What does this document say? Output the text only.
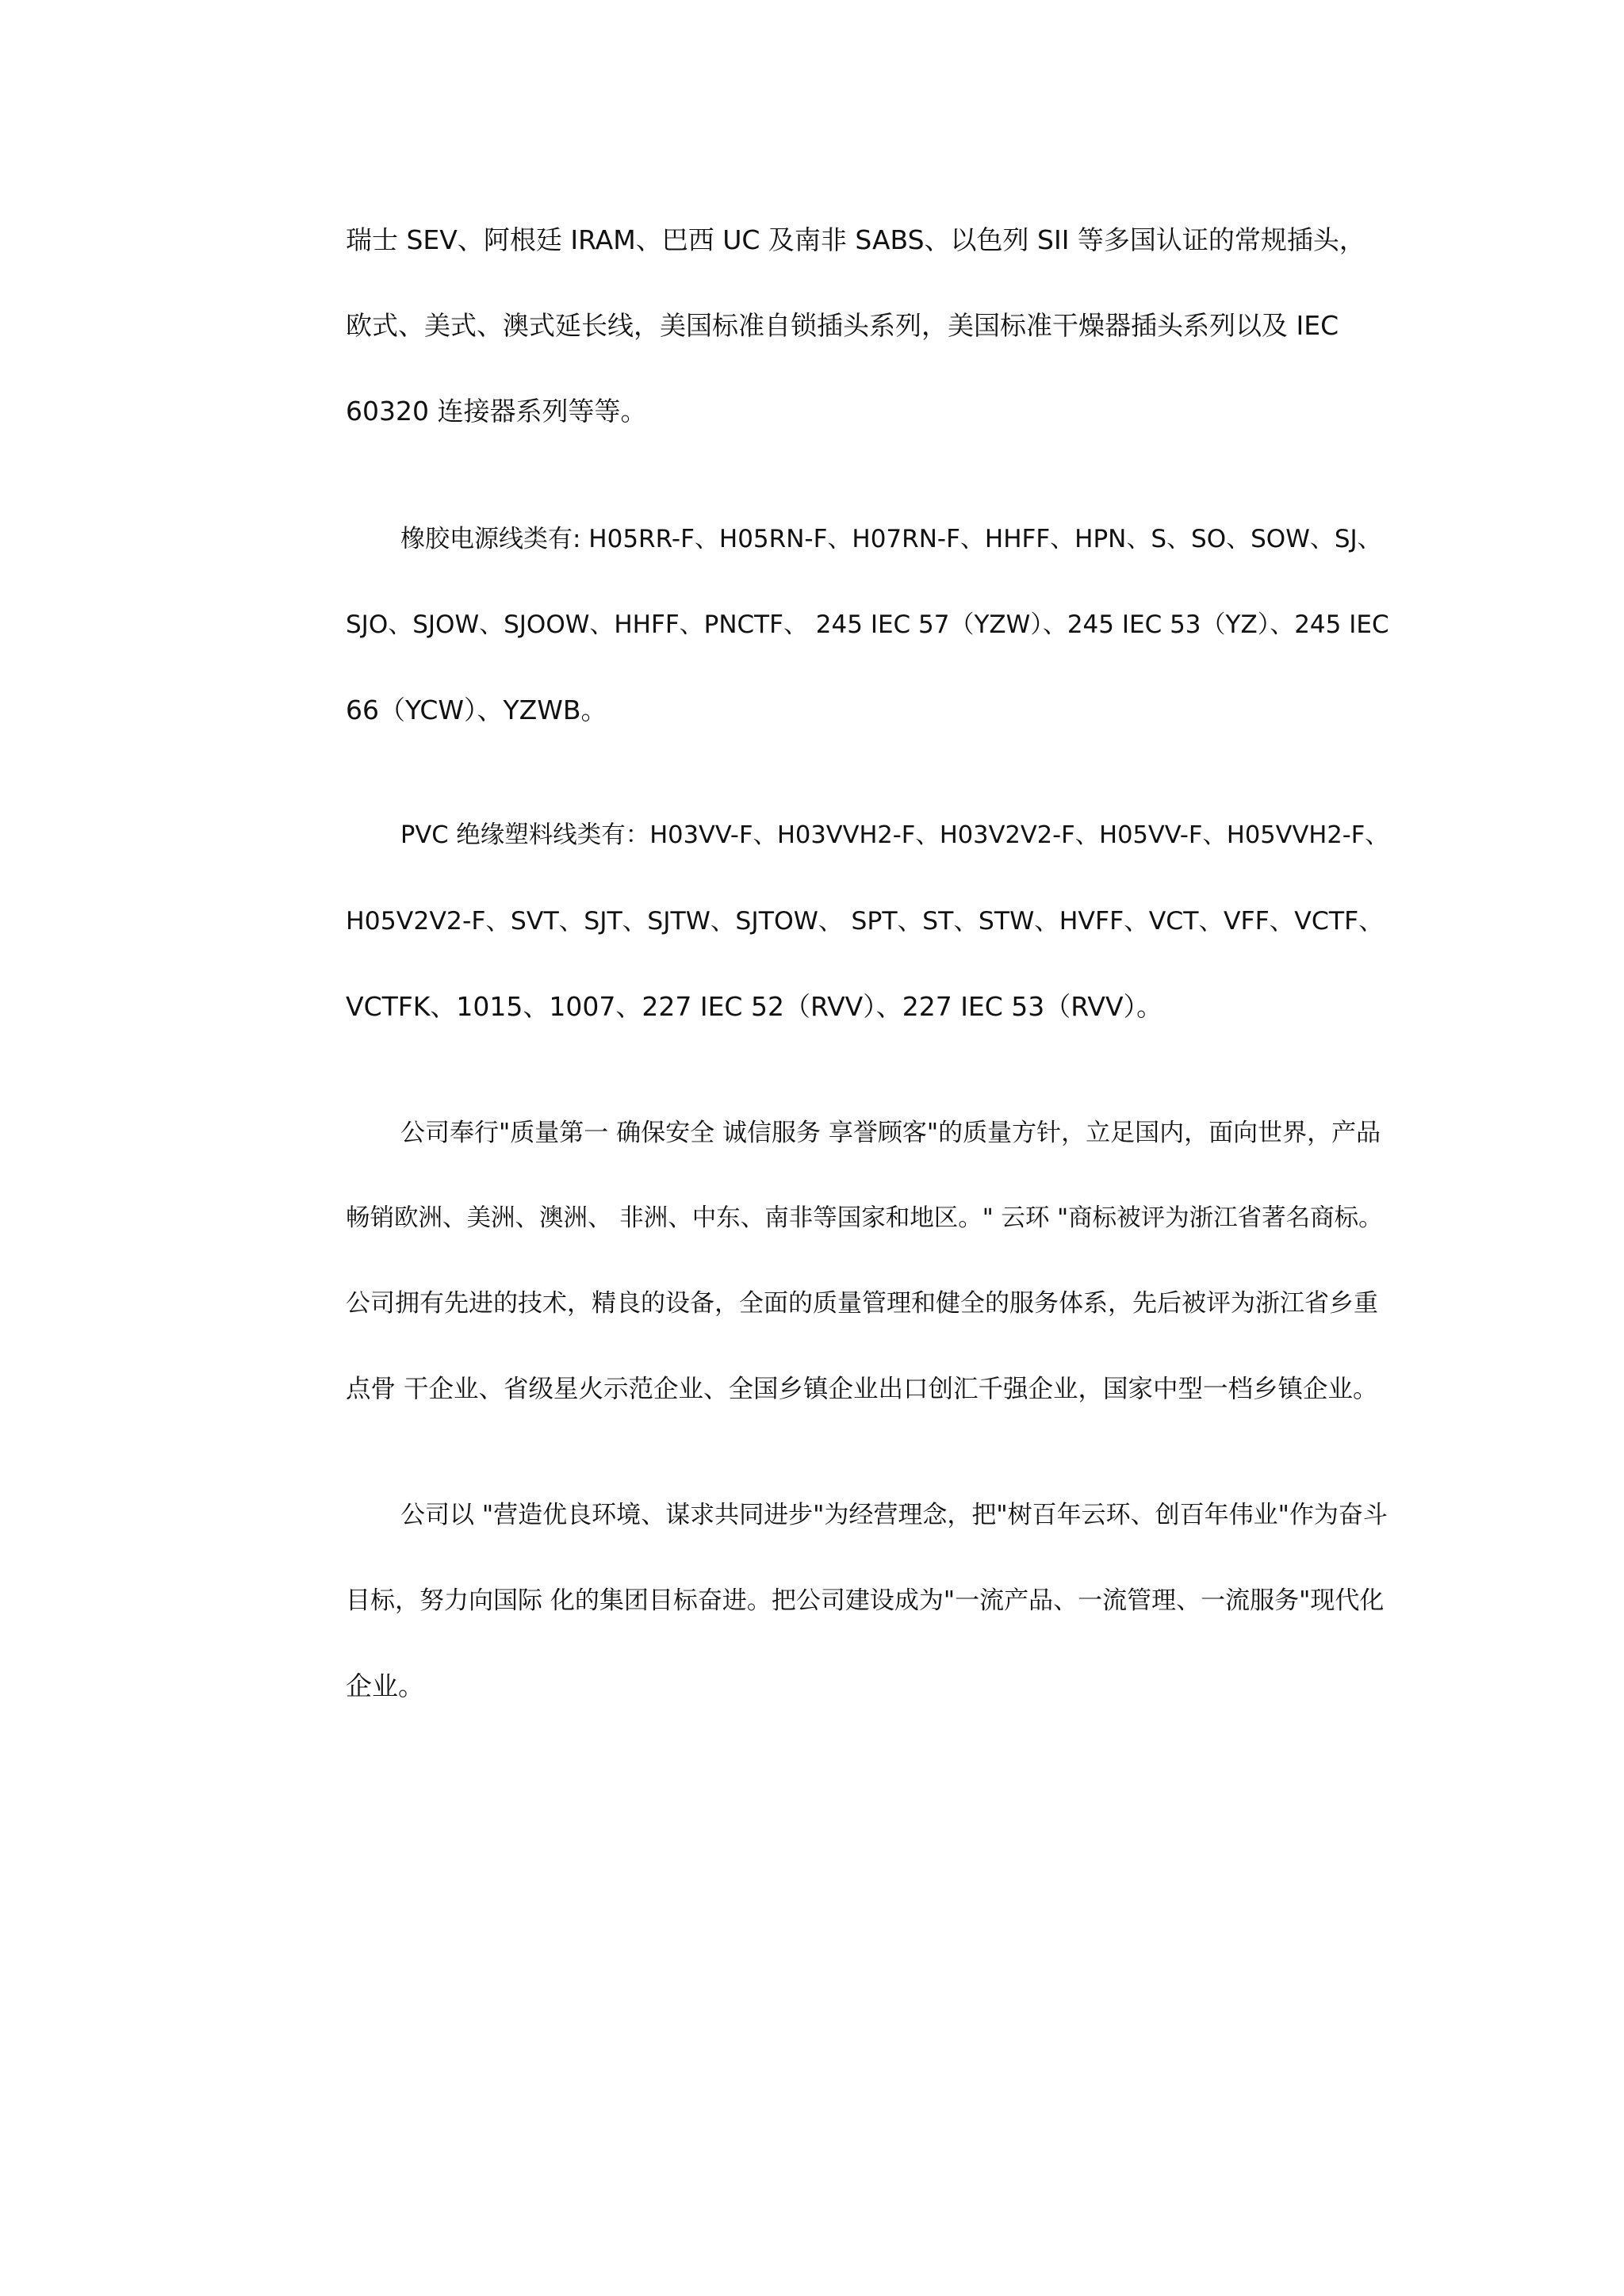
瑞士 SEV、阿根廷 IRAM、巴西 UC 及南非 SABS、以色列 SII 等多国认证的常规插头，
欧式、美式、澳式延长线，美国标准自锁插头系列，美国标准干燥器插头系列以及 IEC
60320 连接器系列等等。
橡胶电源线类有: H05RR-F、H05RN-F、H07RN-F、HHFF、HPN、S、SO、SOW、SJ、
SJO、SJOW、SJOOW、HHFF、PNCTF、 245 IEC 57（YZW）、245 IEC 53（YZ）、245 IEC
66（YCW）、YZWB。
PVC 绝缘塑料线类有：H03VV-F、H03VVH2-F、H03V2V2-F、H05VV-F、H05VVH2-F、
H05V2V2-F、SVT、SJT、SJTW、SJTOW、 SPT、ST、STW、HVFF、VCT、VFF、VCTF、
VCTFK、1015、1007、227 IEC 52（RVV）、227 IEC 53（RVV）。
公司奉行"质量第一 确保安全 诚信服务 享誉顾客"的质量方针，立足国内，面向世界，产品
畅销欧洲、美洲、澳洲、 非洲、中东、南非等国家和地区。" 云环 "商标被评为浙江省著名商标。
公司拥有先进的技术，精良的设备，全面的质量管理和健全的服务体系，先后被评为浙江省乡重
点骨 干企业、省级星火示范企业、全国乡镇企业出口创汇千强企业，国家中型一档乡镇企业。
公司以 "营造优良环境、谋求共同进步"为经营理念，把"树百年云环、创百年伟业"作为奋斗
目标，努力向国际 化的集团目标奋进。把公司建设成为"一流产品、一流管理、一流服务"现代化
企业。
